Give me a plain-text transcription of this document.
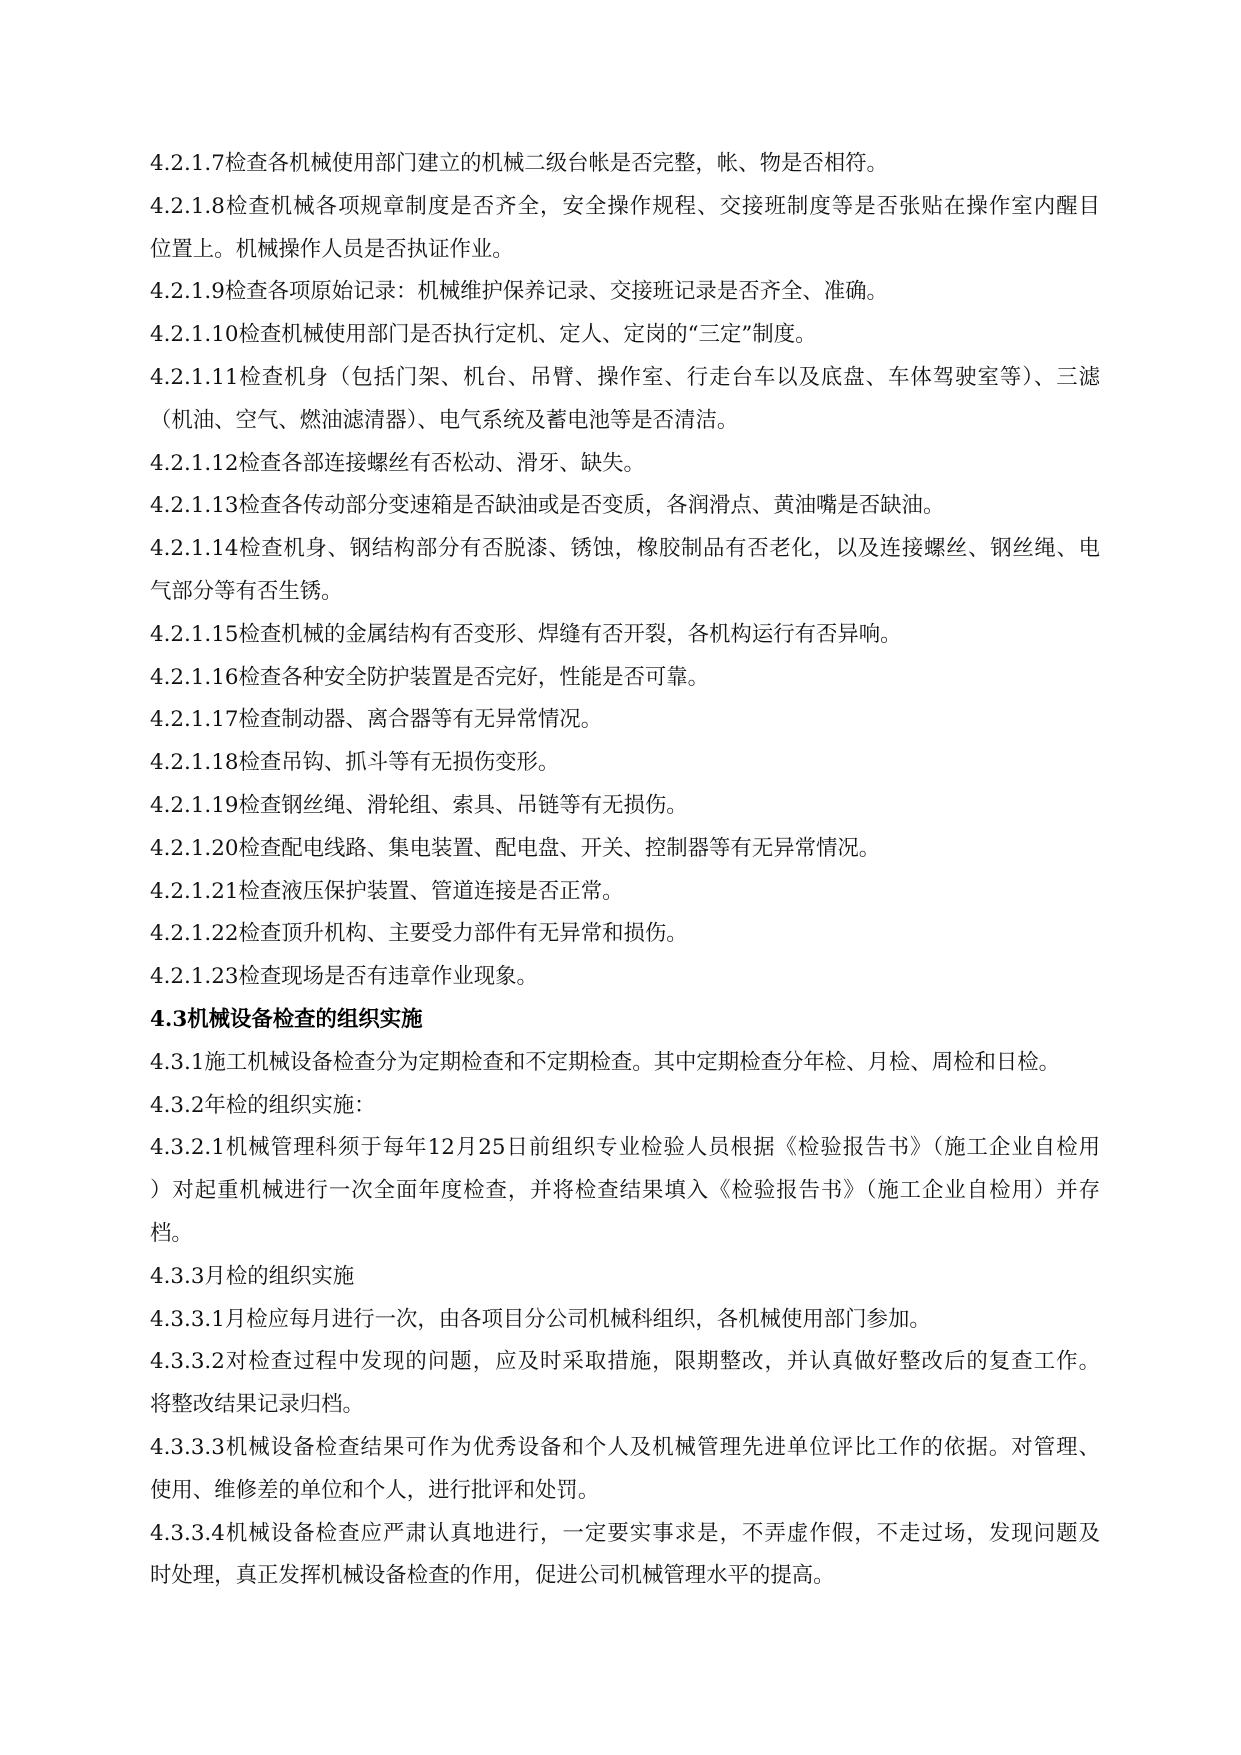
4.2.1.7检查各机械使用部门建立的机械二级台帐是否完整，帐、物是否相符。
4.2.1.8检查机械各项规章制度是否齐全，安全操作规程、交接班制度等是否张贴在操作室内醒目
位置上。机械操作人员是否执证作业。
4.2.1.9检查各项原始记录：机械维护保养记录、交接班记录是否齐全、准确。
4.2.1.10检查机械使用部门是否执行定机、定人、定岗的“三定”制度。
4.2.1.11检查机身（包括门架、机台、吊臂、操作室、行走台车以及底盘、车体驾驶室等）、三滤
（机油、空气、燃油滤清器）、电气系统及蓄电池等是否清洁。
4.2.1.12检查各部连接螺丝有否松动、滑牙、缺失。
4.2.1.13检查各传动部分变速箱是否缺油或是否变质，各润滑点、黄油嘴是否缺油。
4.2.1.14检查机身、钢结构部分有否脱漆、锈蚀，橡胶制品有否老化，以及连接螺丝、钢丝绳、电
气部分等有否生锈。
4.2.1.15检查机械的金属结构有否变形、焊缝有否开裂，各机构运行有否异响。
4.2.1.16检查各种安全防护装置是否完好，性能是否可靠。
4.2.1.17检查制动器、离合器等有无异常情况。
4.2.1.18检查吊钩、抓斗等有无损伤变形。
4.2.1.19检查钢丝绳、滑轮组、索具、吊链等有无损伤。
4.2.1.20检查配电线路、集电装置、配电盘、开关、控制器等有无异常情况。
4.2.1.21检查液压保护装置、管道连接是否正常。
4.2.1.22检查顶升机构、主要受力部件有无异常和损伤。
4.2.1.23检查现场是否有违章作业现象。
4.3机械设备检查的组织实施
4.3.1施工机械设备检查分为定期检查和不定期检查。其中定期检查分年检、月检、周检和日检。
4.3.2年检的组织实施：
4.3.2.1机械管理科须于每年12月25日前组织专业检验人员根据《检验报告书》（施工企业自检用
）对起重机械进行一次全面年度检查，并将检查结果填入《检验报告书》（施工企业自检用）并存
档。
4.3.3月检的组织实施
4.3.3.1月检应每月进行一次，由各项目分公司机械科组织，各机械使用部门参加。
4.3.3.2对检查过程中发现的问题，应及时采取措施，限期整改，并认真做好整改后的复查工作。
将整改结果记录归档。
4.3.3.3机械设备检查结果可作为优秀设备和个人及机械管理先进单位评比工作的依据。对管理、
使用、维修差的单位和个人，进行批评和处罚。
4.3.3.4机械设备检查应严肃认真地进行，一定要实事求是，不弄虚作假，不走过场，发现问题及
时处理，真正发挥机械设备检查的作用，促进公司机械管理水平的提高。
